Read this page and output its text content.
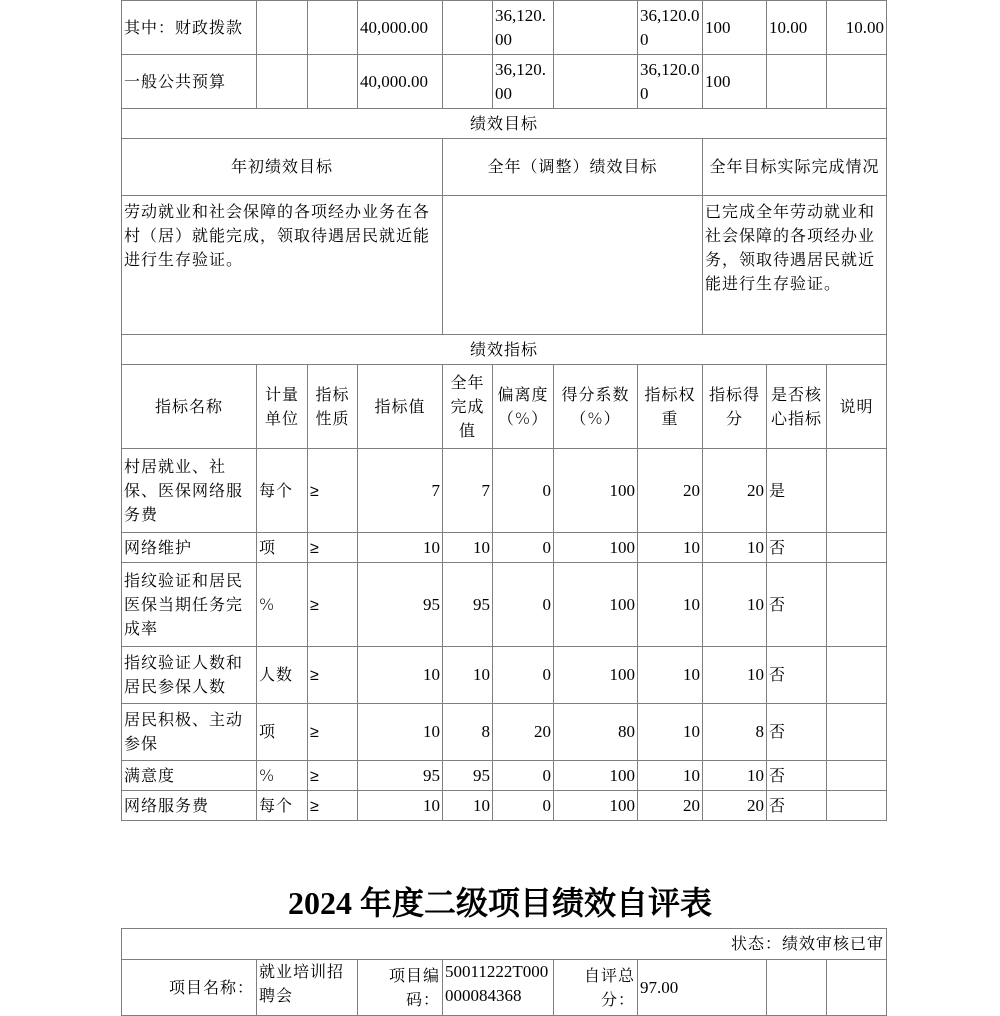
其中：财政拨款			40,000.00		36,120.00		36,120.00	100	10.00	10.00
一般公共预算			40,000.00		36,120.00		36,120.00	100		
绩效目标										
年初绩效目标				全年（调整）绩效目标				全年目标实际完成情况		
劳动就业和社会保障的各项经办业务在各村（居）就能完成，领取待遇居民就近能进行生存验证。								已完成全年劳动就业和社会保障的各项经办业务，领取待遇居民就近能进行生存验证。		
绩效指标										
指标名称	计量单位	指标性质	指标值	全年完成值	偏离度（%）	得分系数（%）	指标权重	指标得分	是否核心指标	说明
村居就业、社保、医保网络服务费	每个	≥	7	7	0	100	20	20	是	
网络维护	项	≥	10	10	0	100	10	10	否	
指纹验证和居民医保当期任务完成率	%	≥	95	95	0	100	10	10	否	
指纹验证人数和居民参保人数	人数	≥	10	10	0	100	10	10	否	
居民积极、主动参保	项	≥	10	8	20	80	10	8	否	
满意度	%	≥	95	95	0	100	10	10	否	
网络服务费	每个	≥	10	10	0	100	20	20	否	
2024 年度二级项目绩效自评表
状态：绩效审核已审
项目名称：	就业培训招聘会	项目编码：	50011222T000000084368	自评总分：	97.00		
